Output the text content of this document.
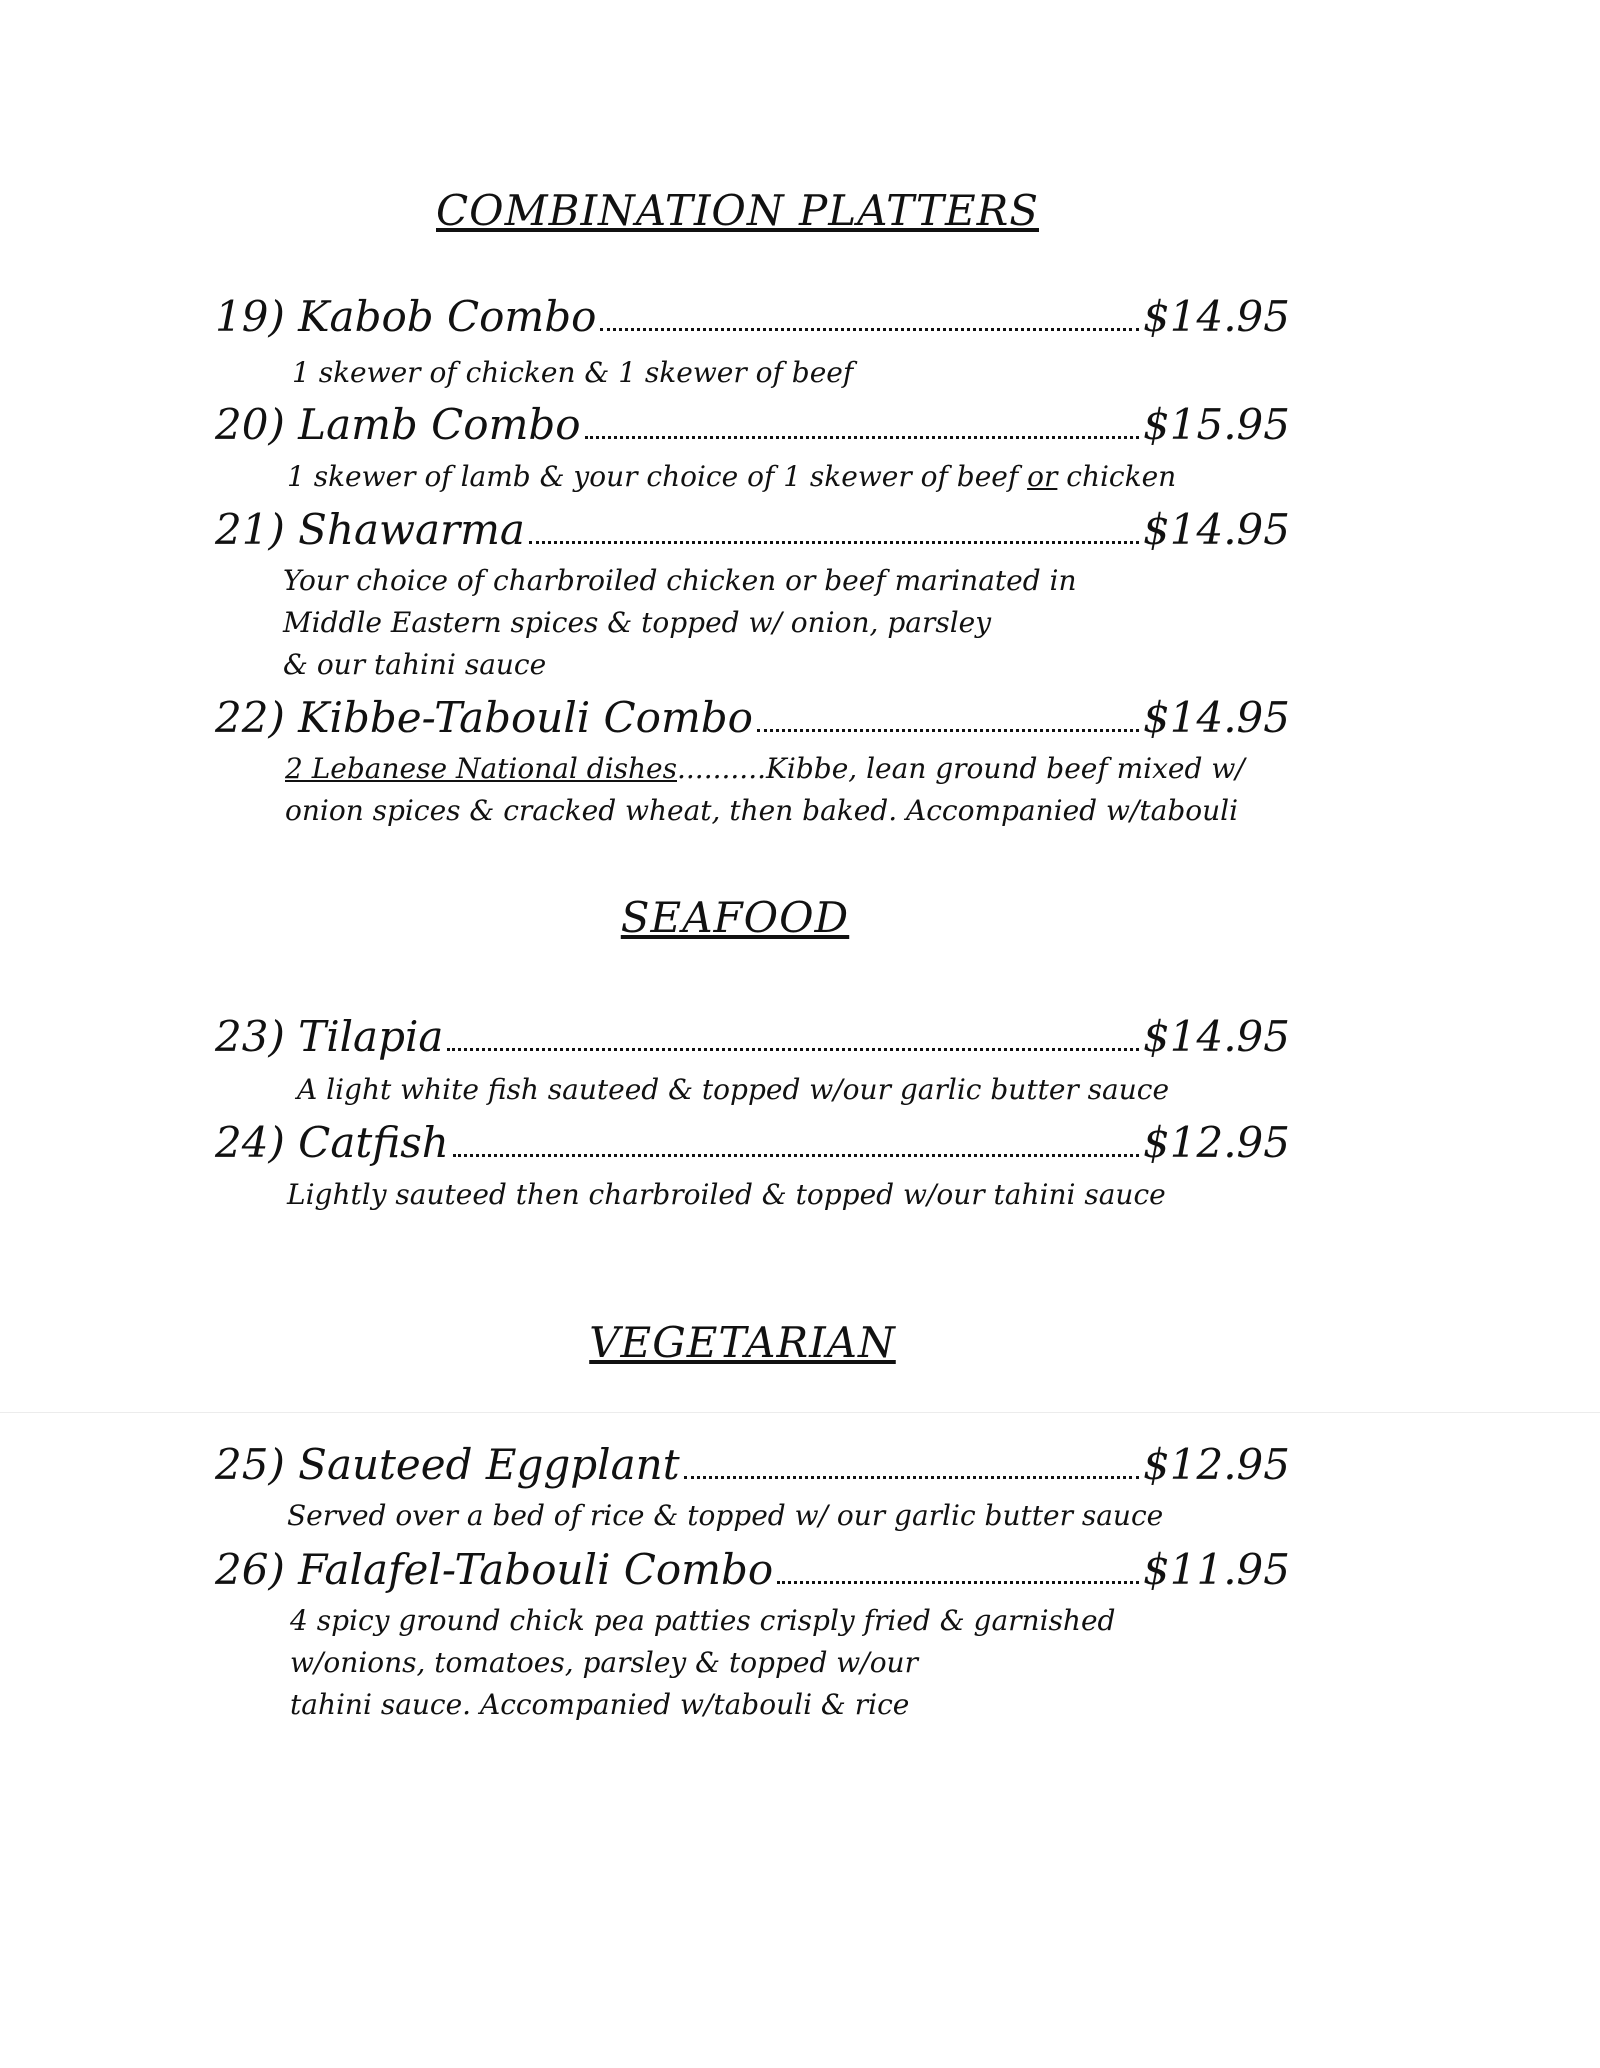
COMBINATION PLATTERS
19) Kabob Combo	$14.95
1 skewer of chicken & 1 skewer of beef
20) Lamb Combo	$15.95
1 skewer of lamb & your choice of 1 skewer of beef or chicken
21) Shawarma	$14.95
Your choice of charbroiled chicken or beef marinated in
Middle Eastern spices & topped w/ onion, parsley
& our tahini sauce
22) Kibbe-Tabouli Combo	$14.95
2 Lebanese National dishes..........Kibbe, lean ground beef mixed w/
onion spices & cracked wheat, then baked. Accompanied w/tabouli
SEAFOOD
23) Tilapia	$14.95
A light white fish sauteed & topped w/our garlic butter sauce
24) Catfish	$12.95
Lightly sauteed then charbroiled & topped w/our tahini sauce
VEGETARIAN
25) Sauteed Eggplant	$12.95
Served over a bed of rice & topped w/ our garlic butter sauce
26) Falafel-Tabouli Combo	$11.95
4 spicy ground chick pea patties crisply fried & garnished
w/onions, tomatoes, parsley & topped w/our
tahini sauce. Accompanied w/tabouli & rice
